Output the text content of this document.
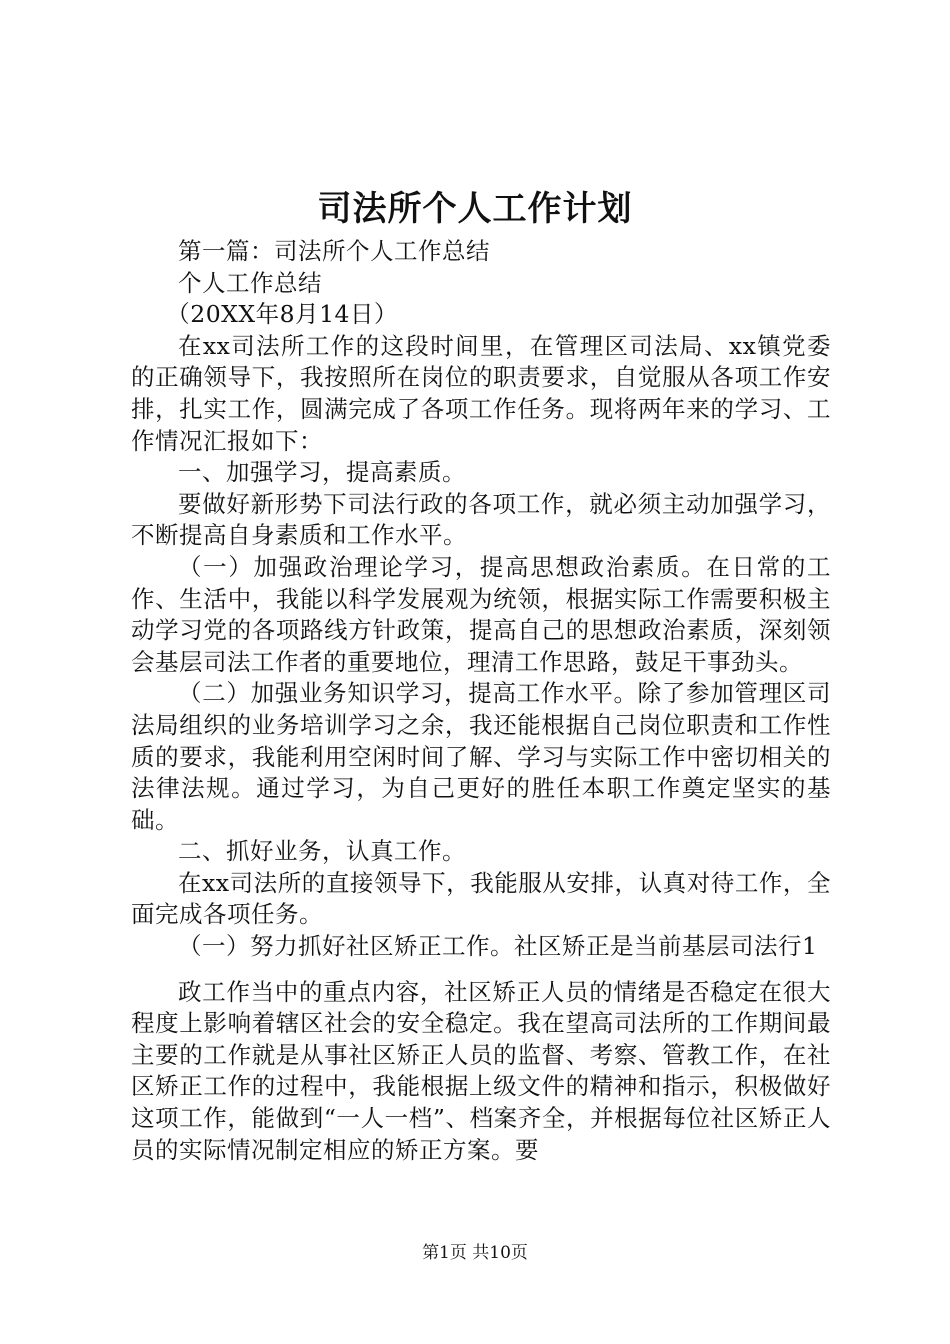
司法所个人工作计划

第一篇：司法所个人工作总结

个人工作总结

（20XX年8月14日）

在xx司法所工作的这段时间里，在管理区司法局、xx镇党委的正确领导下，我按照所在岗位的职责要求，自觉服从各项工作安排，扎实工作，圆满完成了各项工作任务。现将两年来的学习、工作情况汇报如下：

一、加强学习，提高素质。

要做好新形势下司法行政的各项工作，就必须主动加强学习，不断提高自身素质和工作水平。

（一）加强政治理论学习，提高思想政治素质。在日常的工作、生活中，我能以科学发展观为统领，根据实际工作需要积极主动学习党的各项路线方针政策，提高自己的思想政治素质，深刻领会基层司法工作者的重要地位，理清工作思路，鼓足干事劲头。

（二）加强业务知识学习，提高工作水平。除了参加管理区司法局组织的业务培训学习之余，我还能根据自己岗位职责和工作性质的要求，我能利用空闲时间了解、学习与实际工作中密切相关的法律法规。通过学习，为自己更好的胜任本职工作奠定坚实的基础。

二、抓好业务，认真工作。

在xx司法所的直接领导下，我能服从安排，认真对待工作，全面完成各项任务。

（一）努力抓好社区矫正工作。社区矫正是当前基层司法行1

政工作当中的重点内容，社区矫正人员的情绪是否稳定在很大程度上影响着辖区社会的安全稳定。我在望高司法所的工作期间最主要的工作就是从事社区矫正人员的监督、考察、管教工作，在社区矫正工作的过程中，我能根据上级文件的精神和指示，积极做好这项工作，能做到“一人一档”、档案齐全，并根据每位社区矫正人员的实际情况制定相应的矫正方案。要

第1页 共10页
